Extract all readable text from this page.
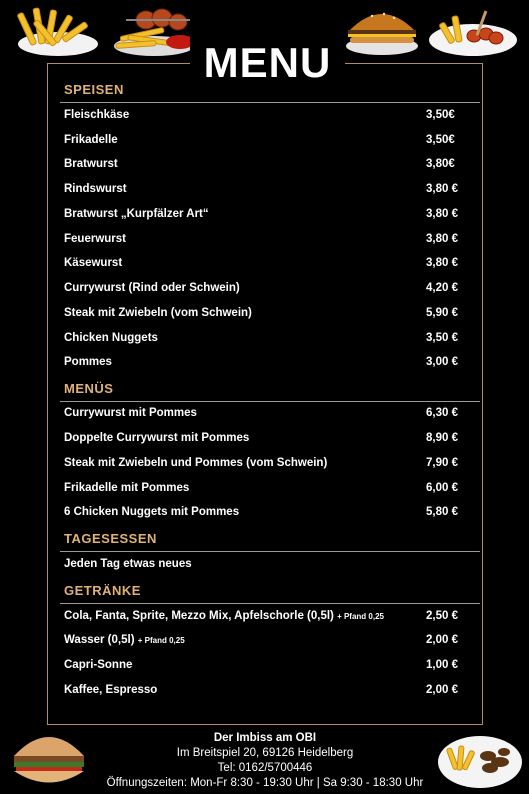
MENU
SPEISEN
Fleischkäse	3,50€
Frikadelle	3,50€
Bratwurst	3,80€
Rindswurst	3,80 €
Bratwurst „Kurpfälzer Art“	3,80 €
Feuerwurst	3,80 €
Käsewurst	3,80 €
Currywurst (Rind oder Schwein)	4,20 €
Steak mit Zwiebeln (vom Schwein)	5,90 €
Chicken Nuggets	3,50 €
Pommes	3,00 €
MENÜS
Currywurst mit Pommes	6,30 €
Doppelte Currywurst mit Pommes	8,90 €
Steak mit Zwiebeln und Pommes (vom Schwein)	7,90 €
Frikadelle mit Pommes	6,00 €
6 Chicken Nuggets mit Pommes	5,80 €
TAGESESSEN
Jeden Tag etwas neues
GETRÄNKE
Cola, Fanta, Sprite, Mezzo Mix, Apfelschorle (0,5l) + Pfand 0,25	2,50 €
Wasser (0,5l) + Pfand 0,25	2,00 €
Capri-Sonne	1,00 €
Kaffee, Espresso	2,00 €
Der Imbiss am OBI
Im Breitspiel 20, 69126 Heidelberg
Tel: 0162/5700446
Öffnungszeiten: Mon-Fr 8:30 - 19:30 Uhr | Sa 9:30 - 18:30 Uhr
